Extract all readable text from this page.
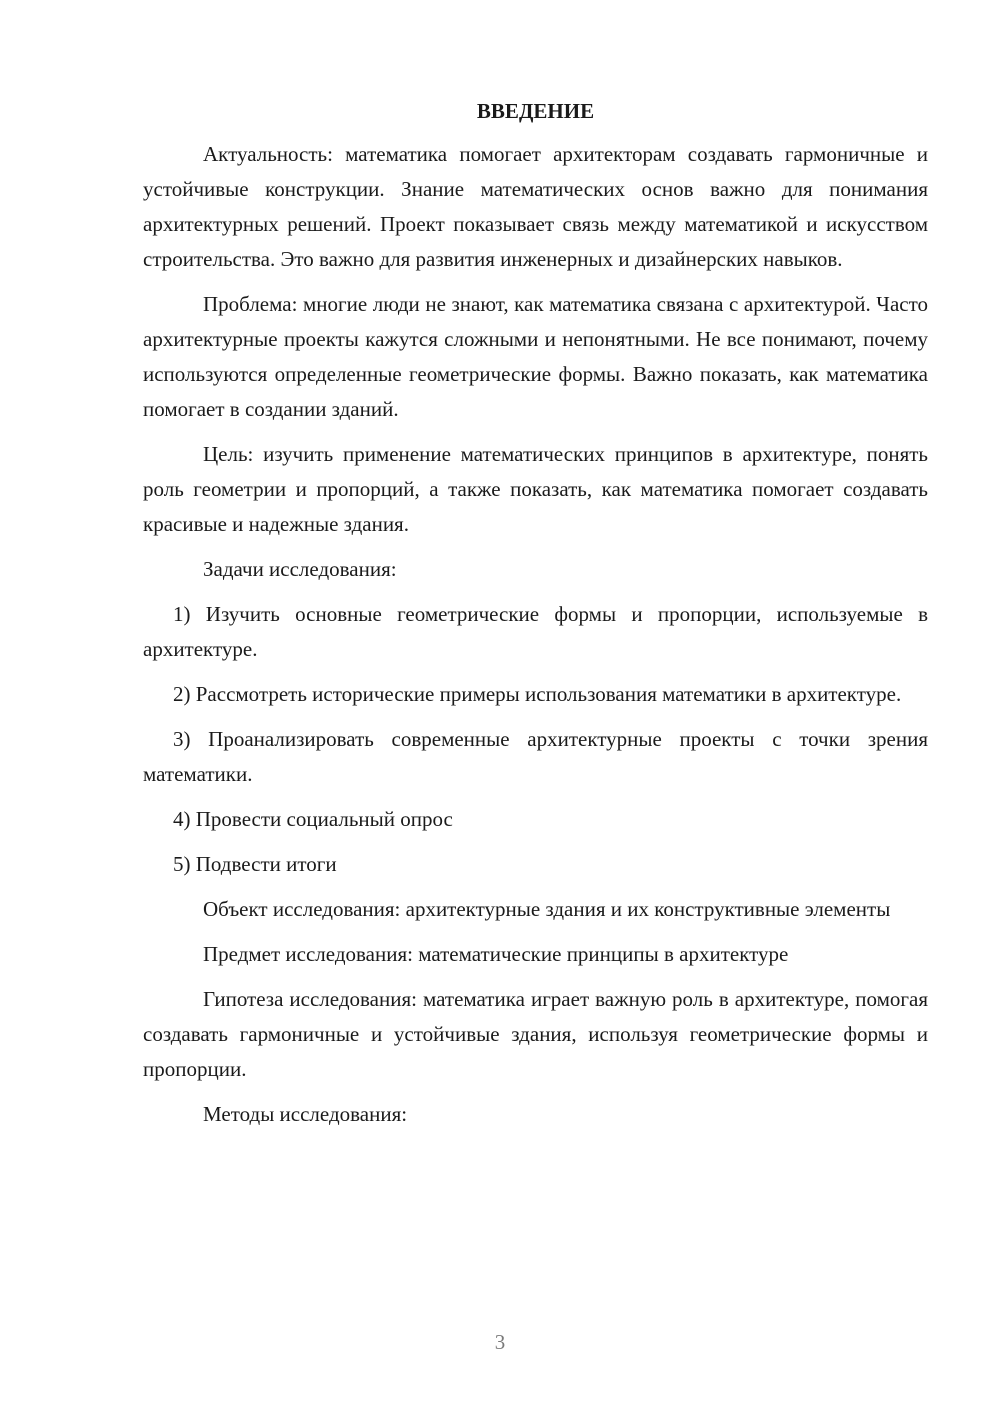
ВВЕДЕНИЕ

Актуальность: математика помогает архитекторам создавать гармоничные и устойчивые конструкции. Знание математических основ важно для понимания архитектурных решений. Проект показывает связь между математикой и искусством строительства. Это важно для развития инженерных и дизайнерских навыков.

Проблема: многие люди не знают, как математика связана с архитектурой. Часто архитектурные проекты кажутся сложными и непонятными. Не все понимают, почему используются определенные геометрические формы. Важно показать, как математика помогает в создании зданий.

Цель: изучить применение математических принципов в архитектуре, понять роль геометрии и пропорций, а также показать, как математика помогает создавать красивые и надежные здания.

Задачи исследования:

1) Изучить основные геометрические формы и пропорции, используемые в архитектуре.

2) Рассмотреть исторические примеры использования математики в архитектуре.

3) Проанализировать современные архитектурные проекты с точки зрения математики.

4) Провести социальный опрос

5) Подвести итоги

Объект исследования: архитектурные здания и их конструктивные элементы

Предмет исследования: математические принципы в архитектуре

Гипотеза исследования: математика играет важную роль в архитектуре, помогая создавать гармоничные и устойчивые здания, используя геометрические формы и пропорции.

Методы исследования:

3
